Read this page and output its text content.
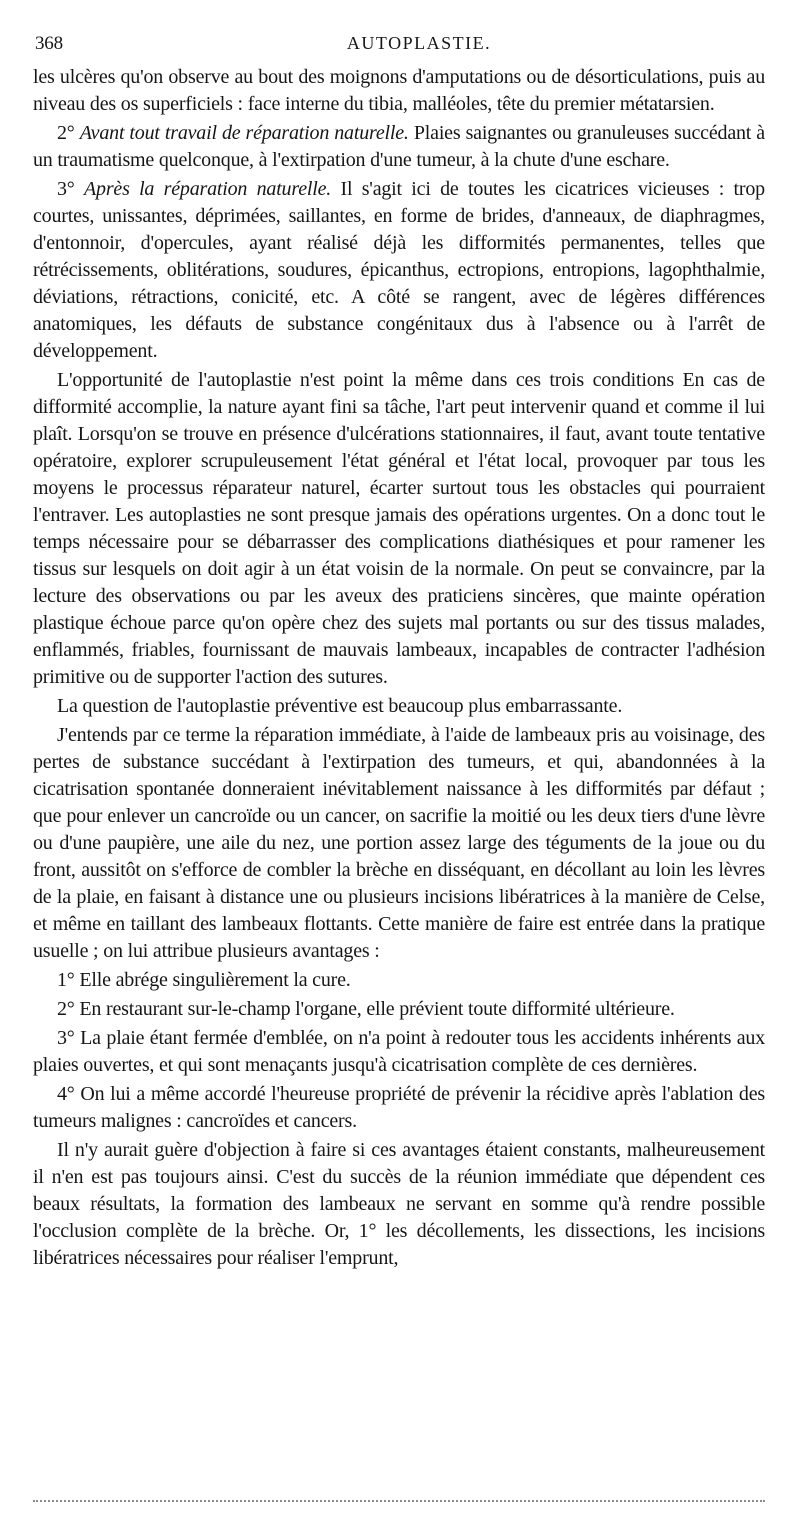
368	AUTOPLASTIE.

les ulcères qu'on observe au bout des moignons d'amputations ou de désorticulations, puis au niveau des os superficiels : face interne du tibia, malléoles, tête du premier métatarsien.

2° Avant tout travail de réparation naturelle. Plaies saignantes ou granuleuses succédant à un traumatisme quelconque, à l'extirpation d'une tumeur, à la chute d'une eschare.

3° Après la réparation naturelle. Il s'agit ici de toutes les cicatrices vicieuses : trop courtes, unissantes, déprimées, saillantes, en forme de brides, d'anneaux, de diaphragmes, d'entonnoir, d'opercules, ayant réalisé déjà les difformités permanentes, telles que rétrécissements, oblitérations, soudures, épicanthus, ectropions, entropions, lagophthalmie, déviations, rétractions, conicité, etc. A côté se rangent, avec de légères différences anatomiques, les défauts de substance congénitaux dus à l'absence ou à l'arrêt de développement.

L'opportunité de l'autoplastie n'est point la même dans ces trois conditions En cas de difformité accomplie, la nature ayant fini sa tâche, l'art peut intervenir quand et comme il lui plaît. Lorsqu'on se trouve en présence d'ulcérations stationnaires, il faut, avant toute tentative opératoire, explorer scrupuleusement l'état général et l'état local, provoquer par tous les moyens le processus réparateur naturel, écarter surtout tous les obstacles qui pourraient l'entraver. Les autoplasties ne sont presque jamais des opérations urgentes. On a donc tout le temps nécessaire pour se débarrasser des complications diathésiques et pour ramener les tissus sur lesquels on doit agir à un état voisin de la normale. On peut se convaincre, par la lecture des observations ou par les aveux des praticiens sincères, que mainte opération plastique échoue parce qu'on opère chez des sujets mal portants ou sur des tissus malades, enflammés, friables, fournissant de mauvais lambeaux, incapables de contracter l'adhésion primitive ou de supporter l'action des sutures.

La question de l'autoplastie préventive est beaucoup plus embarrassante.

J'entends par ce terme la réparation immédiate, à l'aide de lambeaux pris au voisinage, des pertes de substance succédant à l'extirpation des tumeurs, et qui, abandonnées à la cicatrisation spontanée donneraient inévitablement naissance à les difformités par défaut ; que pour enlever un cancroïde ou un cancer, on sacrifie la moitié ou les deux tiers d'une lèvre ou d'une paupière, une aile du nez, une portion assez large des téguments de la joue ou du front, aussitôt on s'efforce de combler la brèche en disséquant, en décollant au loin les lèvres de la plaie, en faisant à distance une ou plusieurs incisions libératrices à la manière de Celse, et même en taillant des lambeaux flottants. Cette manière de faire est entrée dans la pratique usuelle ; on lui attribue plusieurs avantages :

1° Elle abrége singulièrement la cure.

2° En restaurant sur-le-champ l'organe, elle prévient toute difformité ultérieure.

3° La plaie étant fermée d'emblée, on n'a point à redouter tous les accidents inhérents aux plaies ouvertes, et qui sont menaçants jusqu'à cicatrisation complète de ces dernières.

4° On lui a même accordé l'heureuse propriété de prévenir la récidive après l'ablation des tumeurs malignes : cancroïdes et cancers.

Il n'y aurait guère d'objection à faire si ces avantages étaient constants, malheureusement il n'en est pas toujours ainsi. C'est du succès de la réunion immédiate que dépendent ces beaux résultats, la formation des lambeaux ne servant en somme qu'à rendre possible l'occlusion complète de la brèche. Or, 1° les décollements, les dissections, les incisions libératrices nécessaires pour réaliser l'emprunt,
